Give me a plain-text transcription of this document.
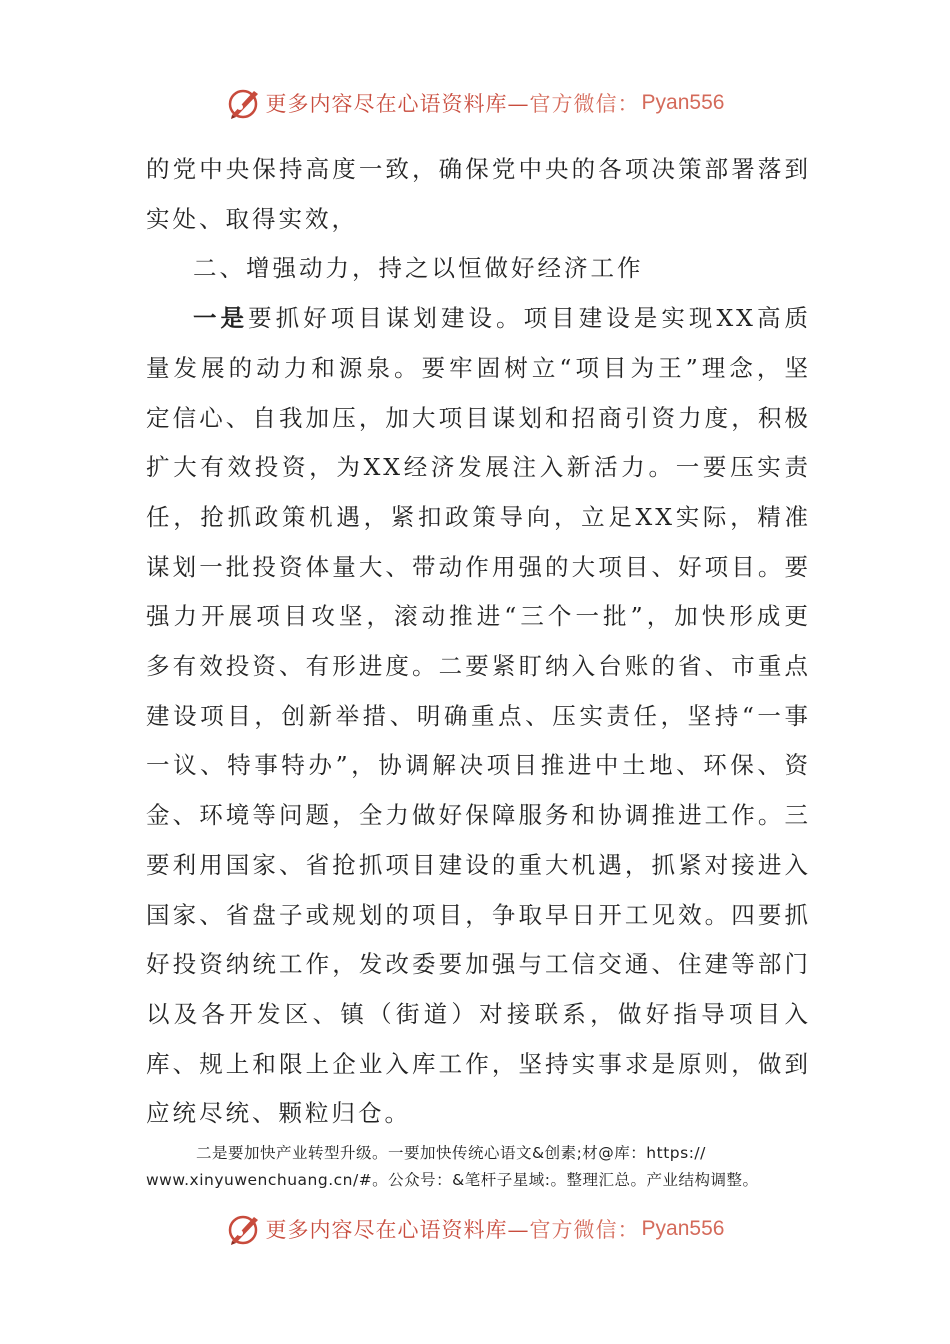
更多内容尽在心语资料库— 官方微信： Pyan556

的党中央保持高度一致，确保党中央的各项决策部署落到实处、取得实效，

二、增强动力，持之以恒做好经济工作

一是要抓好项目谋划建设。项目建设是实现XX高质量发展的动力和源泉。要牢固树立“项目为王”理念，坚定信心、自我加压，加大项目谋划和招商引资力度，积极扩大有效投资，为XX经济发展注入新活力。一要压实责任，抢抓政策机遇，紧扣政策导向，立足XX实际，精准谋划一批投资体量大、带动作用强的大项目、好项目。要强力开展项目攻坚，滚动推进“三个一批”，加快形成更多有效投资、有形进度。二要紧盯纳入台账的省、市重点建设项目，创新举措、明确重点、压实责任，坚持“一事一议、特事特办”，协调解决项目推进中土地、环保、资金、环境等问题，全力做好保障服务和协调推进工作。三要利用国家、省抢抓项目建设的重大机遇，抓紧对接进入国家、省盘子或规划的项目，争取早日开工见效。四要抓好投资纳统工作，发改委要加强与工信交通、住建等部门以及各开发区、镇（街道）对接联系，做好指导项目入库、规上和限上企业入库工作，坚持实事求是原则，做到应统尽统、颗粒归仓。

二是要加快产业转型升级。一要加快传统心语文&创素;材@库：https://
www.xinyuwenchuang.cn/#。公众号：&笔杆子星域:。整理汇总。产业结构调整。
更多内容尽在心语资料库— 官方微信： Pyan556
